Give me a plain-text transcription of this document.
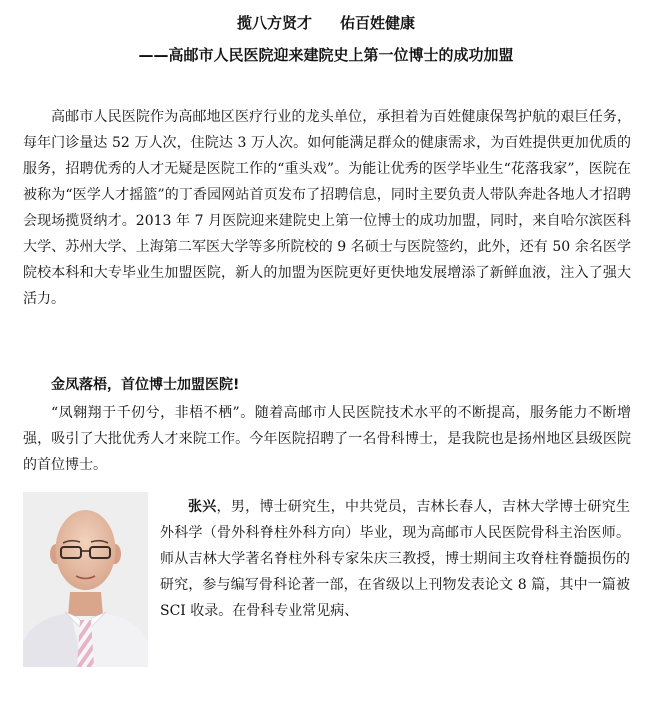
揽八方贤才 佑百姓健康
——高邮市人民医院迎来建院史上第一位博士的成功加盟

高邮市人民医院作为高邮地区医疗行业的龙头单位，承担着为百姓健康保驾护航的艰巨任务，每年门诊量达 52 万人次，住院达 3 万人次。如何能满足群众的健康需求，为百姓提供更加优质的服务，招聘优秀的人才无疑是医院工作的“重头戏”。为能让优秀的医学毕业生“花落我家”，医院在被称为“医学人才摇篮”的丁香园网站首页发布了招聘信息，同时主要负责人带队奔赴各地人才招聘会现场揽贤纳才。2013 年 7 月医院迎来建院史上第一位博士的成功加盟，同时，来自哈尔滨医科大学、苏州大学、上海第二军医大学等多所院校的 9 名硕士与医院签约，此外，还有 50 余名医学院校本科和大专毕业生加盟医院，新人的加盟为医院更好更快地发展增添了新鲜血液，注入了强大活力。

金凤落梧，首位博士加盟医院!

“凤翱翔于千仞兮，非梧不栖”。随着高邮市人民医院技术水平的不断提高，服务能力不断增强，吸引了大批优秀人才来院工作。今年医院招聘了一名骨科博士，是我院也是扬州地区县级医院的首位博士。

张兴，男，博士研究生，中共党员，吉林长春人，吉林大学博士研究生外科学（骨外科脊柱外科方向）毕业，现为高邮市人民医院骨科主治医师。师从吉林大学著名脊柱外科专家朱庆三教授，博士期间主攻脊柱脊髓损伤的研究，参与编写骨科论著一部，在省级以上刊物发表论文 8 篇，其中一篇被 SCI 收录。在骨科专业常见病、
